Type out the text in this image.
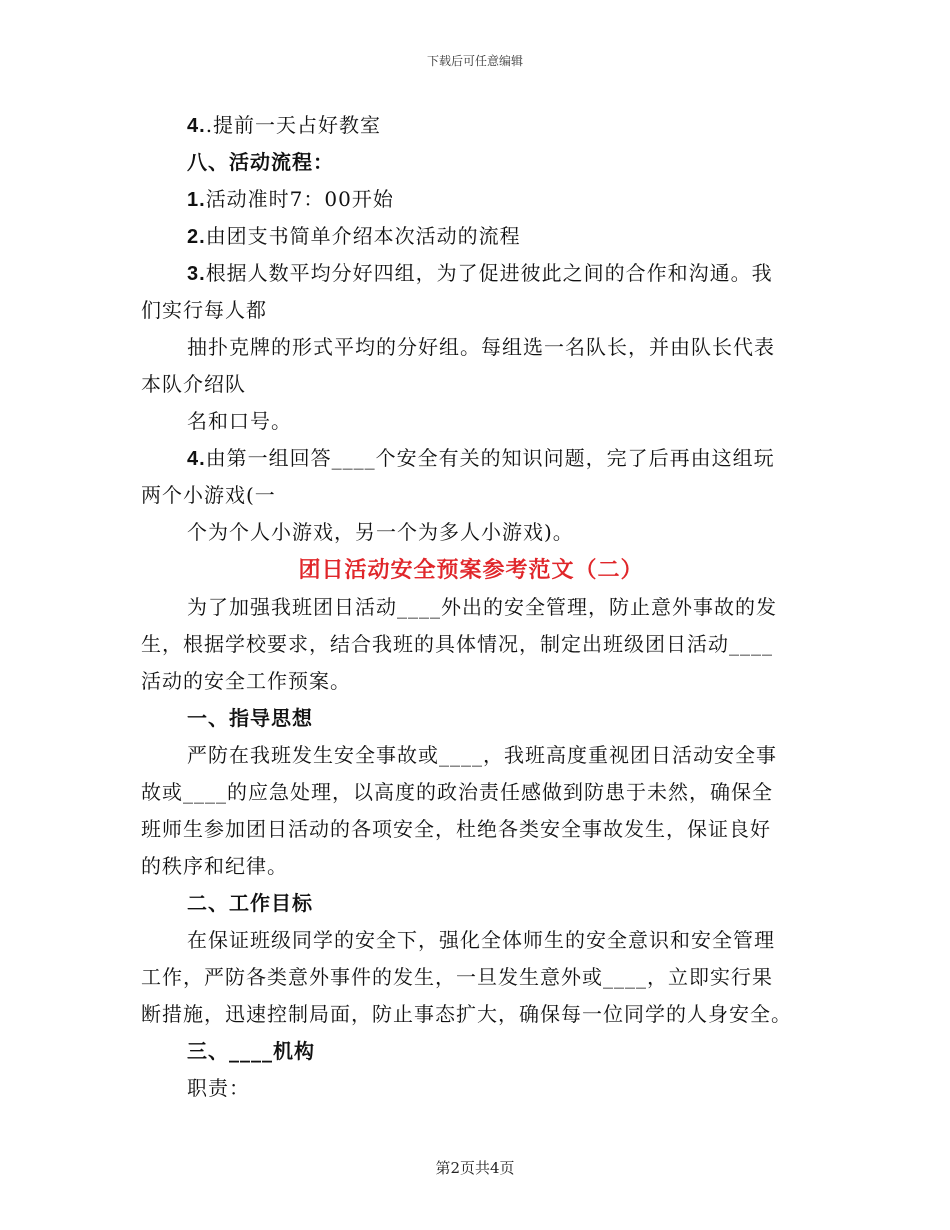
下载后可任意编辑
4..提前一天占好教室
八、活动流程：
1.活动准时7：00开始
2.由团支书简单介绍本次活动的流程
3.根据人数平均分好四组，为了促进彼此之间的合作和沟通。我
们实行每人都
抽扑克牌的形式平均的分好组。每组选一名队长，并由队长代表
本队介绍队
名和口号。
4.由第一组回答____个安全有关的知识问题，完了后再由这组玩
两个小游戏(一
个为个人小游戏，另一个为多人小游戏)。
团日活动安全预案参考范文（二）
为了加强我班团日活动____外出的安全管理，防止意外事故的发
生，根据学校要求，结合我班的具体情况，制定出班级团日活动____
活动的安全工作预案。
一、指导思想
严防在我班发生安全事故或____，我班高度重视团日活动安全事
故或____的应急处理，以高度的政治责任感做到防患于未然，确保全
班师生参加团日活动的各项安全，杜绝各类安全事故发生，保证良好
的秩序和纪律。
二、工作目标
在保证班级同学的安全下，强化全体师生的安全意识和安全管理
工作，严防各类意外事件的发生，一旦发生意外或____，立即实行果
断措施，迅速控制局面，防止事态扩大，确保每一位同学的人身安全。
三、____机构
职责：
第2页共4页
